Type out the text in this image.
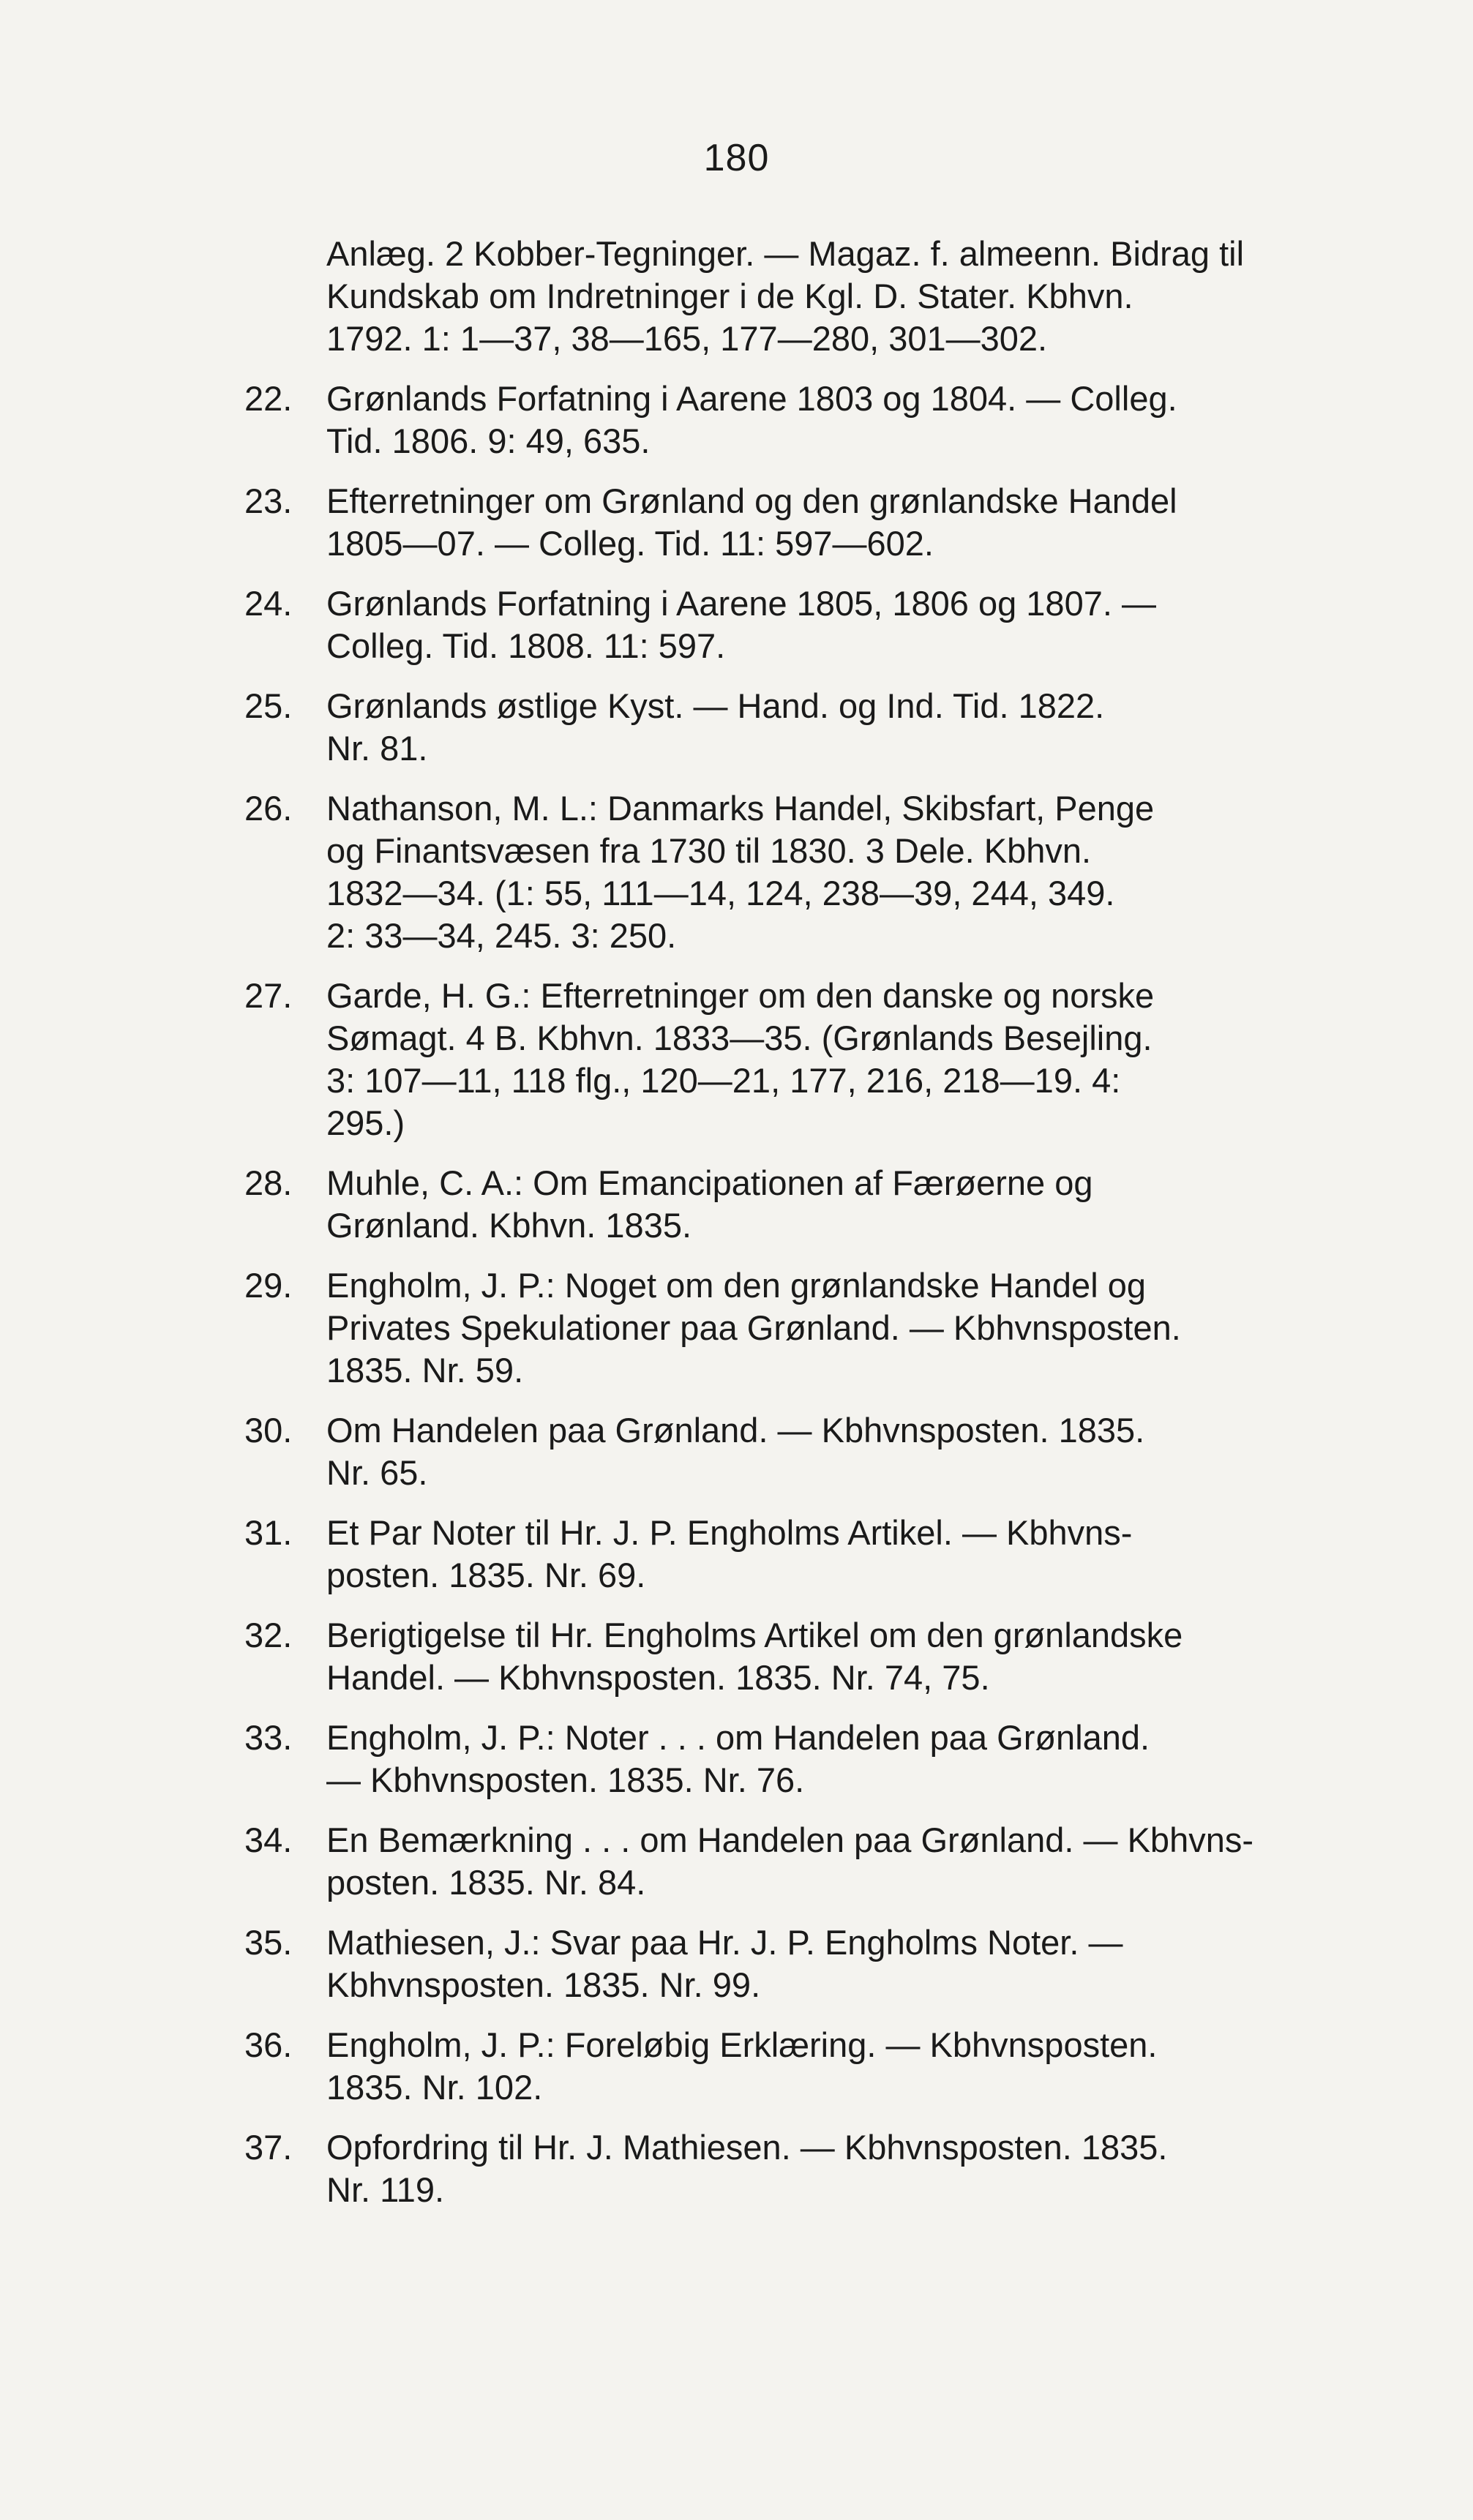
180
Anlæg. 2 Kobber-Tegninger. — Magaz. f. almeenn. Bidrag til
Kundskab om Indretninger i de Kgl. D. Stater. Kbhvn.
1792. 1: 1—37, 38—165, 177—280, 301—302.
22. Grønlands Forfatning i Aarene 1803 og 1804. — Colleg.
Tid. 1806. 9: 49, 635.
23. Efterretninger om Grønland og den grønlandske Handel
1805—07. — Colleg. Tid. 11: 597—602.
24. Grønlands Forfatning i Aarene 1805, 1806 og 1807. —
Colleg. Tid. 1808. 11: 597.
25. Grønlands østlige Kyst. — Hand. og Ind. Tid. 1822.
Nr. 81.
26. Nathanson, M. L.: Danmarks Handel, Skibsfart, Penge
og Finantsvæsen fra 1730 til 1830. 3 Dele. Kbhvn.
1832—34. (1: 55, 111—14, 124, 238—39, 244, 349.
2: 33—34, 245. 3: 250.
27. Garde, H. G.: Efterretninger om den danske og norske
Sømagt. 4 B. Kbhvn. 1833—35. (Grønlands Besejling.
3: 107—11, 118 flg., 120—21, 177, 216, 218—19. 4:
295.)
28. Muhle, C. A.: Om Emancipationen af Færøerne og
Grønland. Kbhvn. 1835.
29. Engholm, J. P.: Noget om den grønlandske Handel og
Privates Spekulationer paa Grønland. — Kbhvnsposten.
1835. Nr. 59.
30. Om Handelen paa Grønland. — Kbhvnsposten. 1835.
Nr. 65.
31. Et Par Noter til Hr. J. P. Engholms Artikel. — Kbhvns-
posten. 1835. Nr. 69.
32. Berigtigelse til Hr. Engholms Artikel om den grønlandske
Handel. — Kbhvnsposten. 1835. Nr. 74, 75.
33. Engholm, J. P.: Noter . . . om Handelen paa Grønland.
— Kbhvnsposten. 1835. Nr. 76.
34. En Bemærkning . . . om Handelen paa Grønland. — Kbhvns-
posten. 1835. Nr. 84.
35. Mathiesen, J.: Svar paa Hr. J. P. Engholms Noter. —
Kbhvnsposten. 1835. Nr. 99.
36. Engholm, J. P.: Foreløbig Erklæring. — Kbhvnsposten.
1835. Nr. 102.
37. Opfordring til Hr. J. Mathiesen. — Kbhvnsposten. 1835.
Nr. 119.
